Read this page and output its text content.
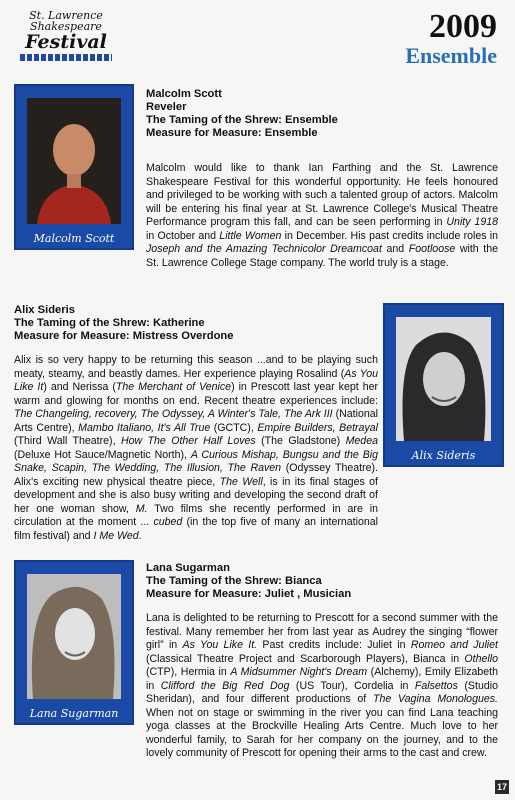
St. Lawrence
Shakespeare
Festival	2009
Ensemble
Malcolm Scott
Malcolm Scott
Reveler
The Taming of the Shrew: Ensemble
Measure for Measure: Ensemble

Malcolm would like to thank Ian Farthing and the St. Lawrence Shakespeare Festival for this wonderful opportunity. He feels honoured and privileged to be working with such a talented group of actors. Malcolm will be entering his final year at St. Lawrence College's Musical Theatre Performance program this fall, and can be seen performing in Unity 1918 in October and Little Women in December. His past credits include roles in Joseph and the Amazing Technicolor Dreamcoat and Footloose with the St. Lawrence College Stage company. The world truly is a stage.

Alix Sideris
The Taming of the Shrew: Katherine
Measure for Measure: Mistress Overdone
Alix Sideris

Alix is so very happy to be returning this season ...and to be playing such meaty, steamy, and beastly dames. Her experience playing Rosalind (As You Like It) and Nerissa (The Merchant of Venice) in Prescott last year kept her warm and glowing for months on end. Recent theatre experiences include: The Changeling, recovery, The Odyssey, A Winter's Tale, The Ark III (National Arts Centre), Mambo Italiano, It's All True (GCTC), Empire Builders, Betrayal (Third Wall Theatre), How The Other Half Loves (The Gladstone) Medea (Deluxe Hot Sauce/Magnetic North), A Curious Mishap, Bungsu and the Big Snake, Scapin, The Wedding, The Illusion, The Raven (Odyssey Theatre). Alix's exciting new physical theatre piece, The Well, is in its final stages of development and she is also busy writing and developing the second draft of her one woman show, M. Two films she recently performed in are in circulation at the moment ... cubed (in the top five of many an international film festival) and I Me Wed.

Lana Sugarman
Lana Sugarman
The Taming of the Shrew: Bianca
Measure for Measure: Juliet , Musician

Lana is delighted to be returning to Prescott for a second summer with the festival. Many remember her from last year as Audrey the singing “flower girl” in As You Like It. Past credits include: Juliet in Romeo and Juliet (Classical Theatre Project and Scarborough Players), Bianca in Othello (CTP), Hermia in A Midsummer Night's Dream (Alchemy), Emily Elizabeth in Clifford the Big Red Dog (US Tour), Cordelia in Falsettos (Studio Sheridan), and four different productions of The Vagina Monologues. When not on stage or swimming in the river you can find Lana teaching yoga classes at the Brockville Healing Arts Centre. Much love to her wonderful family, to Sarah for her company on the journey, and to the lovely community of Prescott for opening their arms to the cast and crew.

17
